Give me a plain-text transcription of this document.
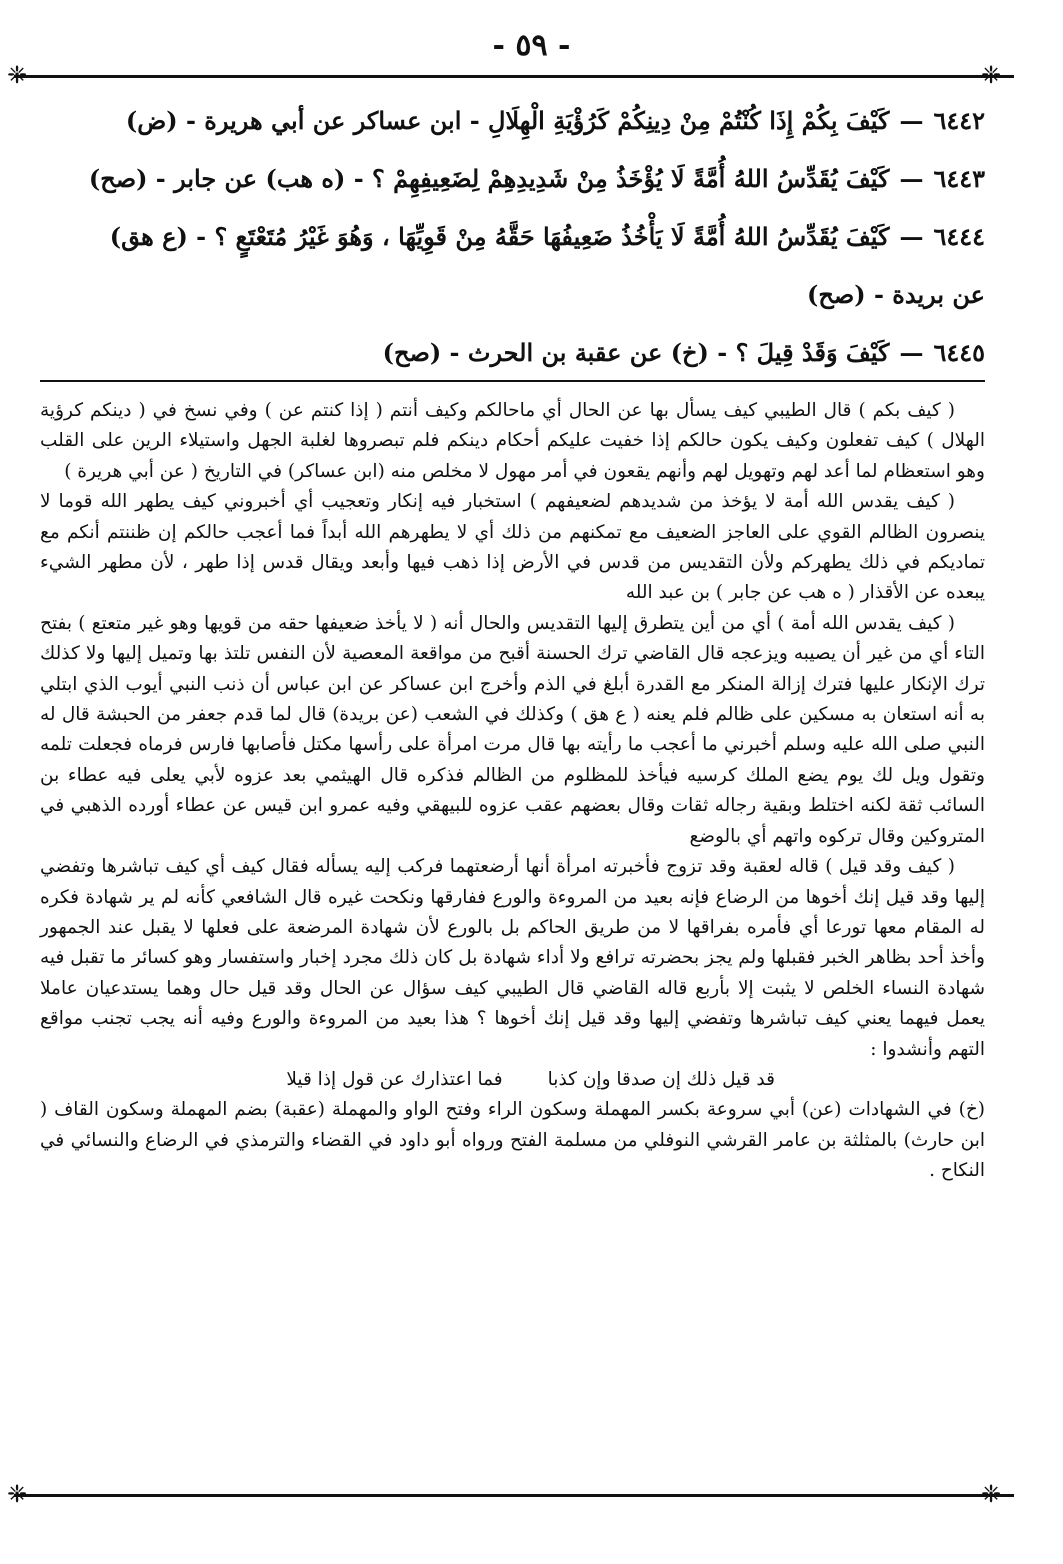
- ٥٩ -
❈	❈
❈	❈
٦٤٤٢—كَيْفَ بِكُمْ إِذَا كُنْتُمْ مِنْ دِينِكُمْ كَرُؤْيَةِ الْهِلَالِ - ابن عساكر عن أبي هريرة - (ض)
٦٤٤٣—كَيْفَ يُقَدِّسُ اللهُ أُمَّةً لَا يُؤْخَذُ مِنْ شَدِيدِهِمْ لِضَعِيفِهِمْ ؟ - (ه هب) عن جابر - (صح)
٦٤٤٤—كَيْفَ يُقَدِّسُ اللهُ أُمَّةً لَا يَأْخُذُ ضَعِيفُهَا حَقَّهُ مِنْ قَوِيِّهَا ، وَهُوَ غَيْرُ مُتَعْتَعٍ ؟ - (ع هق)
عن بريدة - (صح)
٦٤٤٥—كَيْفَ وَقَدْ قِيلَ ؟ - (خ) عن عقبة بن الحرث - (صح)

( كيف بكم ) قال الطيبي كيف يسأل بها عن الحال أي ماحالكم وكيف أنتم ( إذا كنتم عن ) وفي نسخ في ( دينكم كرؤية الهلال ) كيف تفعلون وكيف يكون حالكم إذا خفيت عليكم أحكام دينكم فلم تبصروها لغلبة الجهل واستيلاء الرين على القلب وهو استعظام لما أعد لهم وتهويل لهم وأنهم يقعون في أمر مهول لا مخلص منه (ابن عساكر) في التاريخ ( عن أبي هريرة )

( كيف يقدس الله أمة لا يؤخذ من شديدهم لضعيفهم ) استخبار فيه إنكار وتعجيب أي أخبروني كيف يطهر الله قوما لا ينصرون الظالم القوي على العاجز الضعيف مع تمكنهم من ذلك أي لا يطهرهم الله أبداً فما أعجب حالكم إن ظننتم أنكم مع تماديكم في ذلك يطهركم ولأن التقديس من قدس في الأرض إذا ذهب فيها وأبعد ويقال قدس إذا طهر ، لأن مطهر الشيء يبعده عن الأقذار ( ه هب عن جابر ) بن عبد الله

( كيف يقدس الله أمة ) أي من أين يتطرق إليها التقديس والحال أنه ( لا يأخذ ضعيفها حقه من قويها وهو غير متعتع ) بفتح التاء أي من غير أن يصيبه ويزعجه قال القاضي ترك الحسنة أقبح من مواقعة المعصية لأن النفس تلتذ بها وتميل إليها ولا كذلك ترك الإنكار عليها فترك إزالة المنكر مع القدرة أبلغ في الذم وأخرج ابن عساكر عن ابن عباس أن ذنب النبي أيوب الذي ابتلي به أنه استعان به مسكين على ظالم فلم يعنه ( ع هق ) وكذلك في الشعب (عن بريدة) قال لما قدم جعفر من الحبشة قال له النبي صلى الله عليه وسلم أخبرني ما أعجب ما رأيته بها قال مرت امرأة على رأسها مكتل فأصابها فارس فرماه فجعلت تلمه وتقول ويل لك يوم يضع الملك كرسيه فيأخذ للمظلوم من الظالم فذكره قال الهيثمي بعد عزوه لأبي يعلى فيه عطاء بن السائب ثقة لكنه اختلط وبقية رجاله ثقات وقال بعضهم عقب عزوه للبيهقي وفيه عمرو ابن قيس عن عطاء أورده الذهبي في المتروكين وقال تركوه واتهم أي بالوضع

( كيف وقد قيل ) قاله لعقبة وقد تزوج فأخبرته امرأة أنها أرضعتهما فركب إليه يسأله فقال كيف أي كيف تباشرها وتفضي إليها وقد قيل إنك أخوها من الرضاع فإنه بعيد من المروءة والورع ففارقها ونكحت غيره قال الشافعي كأنه لم ير شهادة فكره له المقام معها تورعا أي فأمره بفراقها لا من طريق الحاكم بل بالورع لأن شهادة المرضعة على فعلها لا يقبل عند الجمهور وأخذ أحد بظاهر الخبر فقبلها ولم يجز بحضرته ترافع ولا أداء شهادة بل كان ذلك مجرد إخبار واستفسار وهو كسائر ما تقبل فيه شهادة النساء الخلص لا يثبت إلا بأربع قاله القاضي قال الطيبي كيف سؤال عن الحال وقد قيل حال وهما يستدعيان عاملا يعمل فيهما يعني كيف تباشرها وتفضي إليها وقد قيل إنك أخوها ؟ هذا بعيد من المروءة والورع وفيه أنه يجب تجنب مواقع التهم وأنشدوا :

قد قيل ذلك إن صدقا وإن كذبافما اعتذارك عن قول إذا قيلا

(خ) في الشهادات (عن) أبي سروعة بكسر المهملة وسكون الراء وفتح الواو والمهملة (عقبة) بضم المهملة وسكون القاف ( ابن حارث) بالمثلثة بن عامر القرشي النوفلي من مسلمة الفتح ورواه أبو داود في القضاء والترمذي في الرضاع والنسائي في النكاح .
